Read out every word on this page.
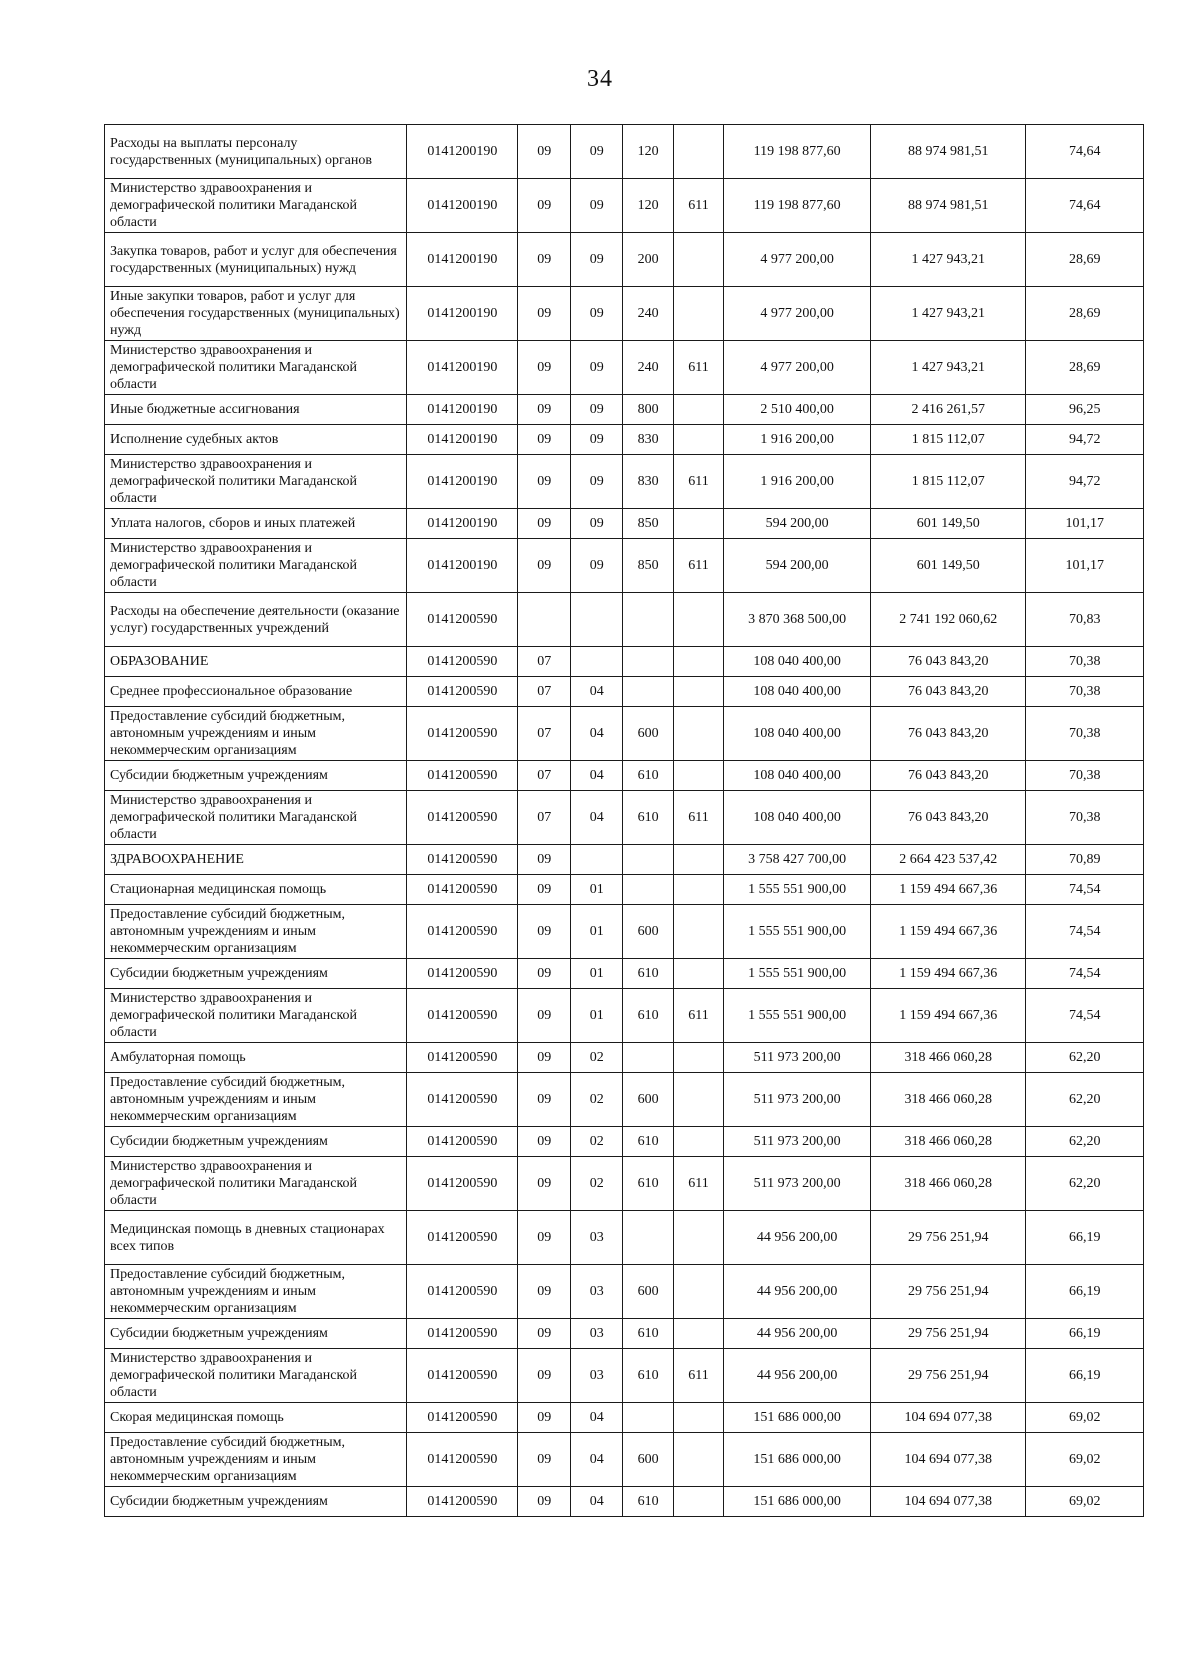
34
Расходы на выплаты персоналу государственных (муниципальных) органов	0141200190	09	09	120		119 198 877,60	88 974 981,51	74,64
Министерство здравоохранения и демографической политики Магаданской области	0141200190	09	09	120	611	119 198 877,60	88 974 981,51	74,64
Закупка товаров, работ и услуг для обеспечения государственных (муниципальных) нужд	0141200190	09	09	200		4 977 200,00	1 427 943,21	28,69
Иные закупки товаров, работ и услуг для обеспечения государственных (муниципальных) нужд	0141200190	09	09	240		4 977 200,00	1 427 943,21	28,69
Министерство здравоохранения и демографической политики Магаданской области	0141200190	09	09	240	611	4 977 200,00	1 427 943,21	28,69
Иные бюджетные ассигнования	0141200190	09	09	800		2 510 400,00	2 416 261,57	96,25
Исполнение судебных актов	0141200190	09	09	830		1 916 200,00	1 815 112,07	94,72
Министерство здравоохранения и демографической политики Магаданской области	0141200190	09	09	830	611	1 916 200,00	1 815 112,07	94,72
Уплата налогов, сборов и иных платежей	0141200190	09	09	850		594 200,00	601 149,50	101,17
Министерство здравоохранения и демографической политики Магаданской области	0141200190	09	09	850	611	594 200,00	601 149,50	101,17
Расходы на обеспечение деятельности (оказание услуг) государственных учреждений	0141200590					3 870 368 500,00	2 741 192 060,62	70,83
ОБРАЗОВАНИЕ	0141200590	07				108 040 400,00	76 043 843,20	70,38
Среднее профессиональное образование	0141200590	07	04			108 040 400,00	76 043 843,20	70,38
Предоставление субсидий бюджетным, автономным учреждениям и иным некоммерческим организациям	0141200590	07	04	600		108 040 400,00	76 043 843,20	70,38
Субсидии бюджетным учреждениям	0141200590	07	04	610		108 040 400,00	76 043 843,20	70,38
Министерство здравоохранения и демографической политики Магаданской области	0141200590	07	04	610	611	108 040 400,00	76 043 843,20	70,38
ЗДРАВООХРАНЕНИЕ	0141200590	09				3 758 427 700,00	2 664 423 537,42	70,89
Стационарная медицинская помощь	0141200590	09	01			1 555 551 900,00	1 159 494 667,36	74,54
Предоставление субсидий бюджетным, автономным учреждениям и иным некоммерческим организациям	0141200590	09	01	600		1 555 551 900,00	1 159 494 667,36	74,54
Субсидии бюджетным учреждениям	0141200590	09	01	610		1 555 551 900,00	1 159 494 667,36	74,54
Министерство здравоохранения и демографической политики Магаданской области	0141200590	09	01	610	611	1 555 551 900,00	1 159 494 667,36	74,54
Амбулаторная помощь	0141200590	09	02			511 973 200,00	318 466 060,28	62,20
Предоставление субсидий бюджетным, автономным учреждениям и иным некоммерческим организациям	0141200590	09	02	600		511 973 200,00	318 466 060,28	62,20
Субсидии бюджетным учреждениям	0141200590	09	02	610		511 973 200,00	318 466 060,28	62,20
Министерство здравоохранения и демографической политики Магаданской области	0141200590	09	02	610	611	511 973 200,00	318 466 060,28	62,20
Медицинская помощь в дневных стационарах всех типов	0141200590	09	03			44 956 200,00	29 756 251,94	66,19
Предоставление субсидий бюджетным, автономным учреждениям и иным некоммерческим организациям	0141200590	09	03	600		44 956 200,00	29 756 251,94	66,19
Субсидии бюджетным учреждениям	0141200590	09	03	610		44 956 200,00	29 756 251,94	66,19
Министерство здравоохранения и демографической политики Магаданской области	0141200590	09	03	610	611	44 956 200,00	29 756 251,94	66,19
Скорая медицинская помощь	0141200590	09	04			151 686 000,00	104 694 077,38	69,02
Предоставление субсидий бюджетным, автономным учреждениям и иным некоммерческим организациям	0141200590	09	04	600		151 686 000,00	104 694 077,38	69,02
Субсидии бюджетным учреждениям	0141200590	09	04	610		151 686 000,00	104 694 077,38	69,02
